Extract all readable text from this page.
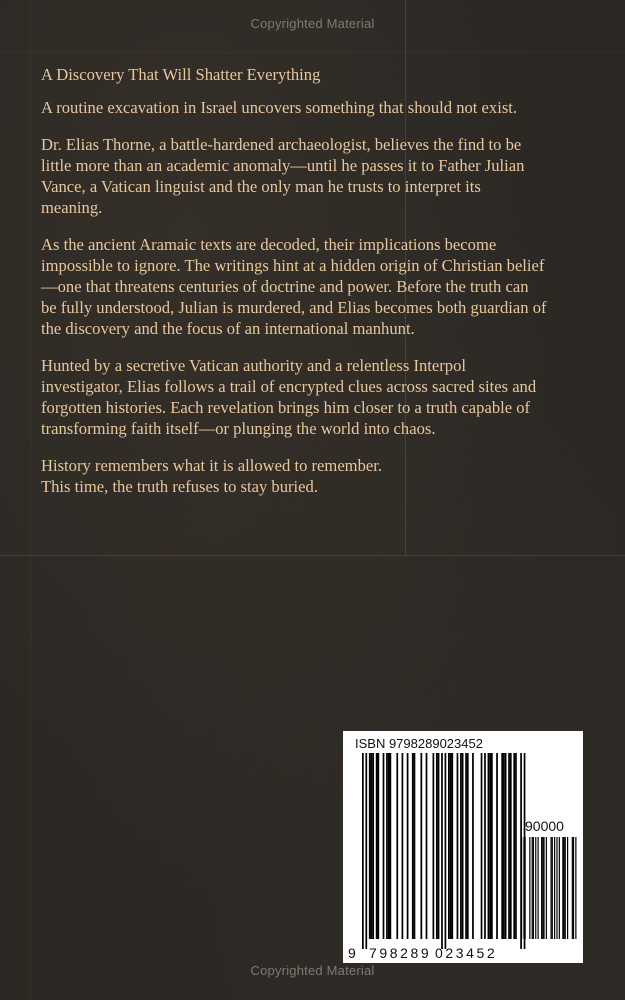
Copyrighted Material

A Discovery That Will Shatter Everything

A routine excavation in Israel uncovers something that should not exist.

Dr. Elias Thorne, a battle-hardened archaeologist, believes the find to be
little more than an academic anomaly—until he passes it to Father Julian
Vance, a Vatican linguist and the only man he trusts to interpret its
meaning.

As the ancient Aramaic texts are decoded, their implications become
impossible to ignore. The writings hint at a hidden origin of Christian belief
—one that threatens centuries of doctrine and power. Before the truth can
be fully understood, Julian is murdered, and Elias becomes both guardian of
the discovery and the focus of an international manhunt.

Hunted by a secretive Vatican authority and a relentless Interpol
investigator, Elias follows a trail of encrypted clues across sacred sites and
forgotten histories. Each revelation brings him closer to a truth capable of
transforming faith itself—or plunging the world into chaos.

History remembers what it is allowed to remember.
This time, the truth refuses to stay buried.

ISBN 9798289023452
90000
9 798289 023452
Copyrighted Material
